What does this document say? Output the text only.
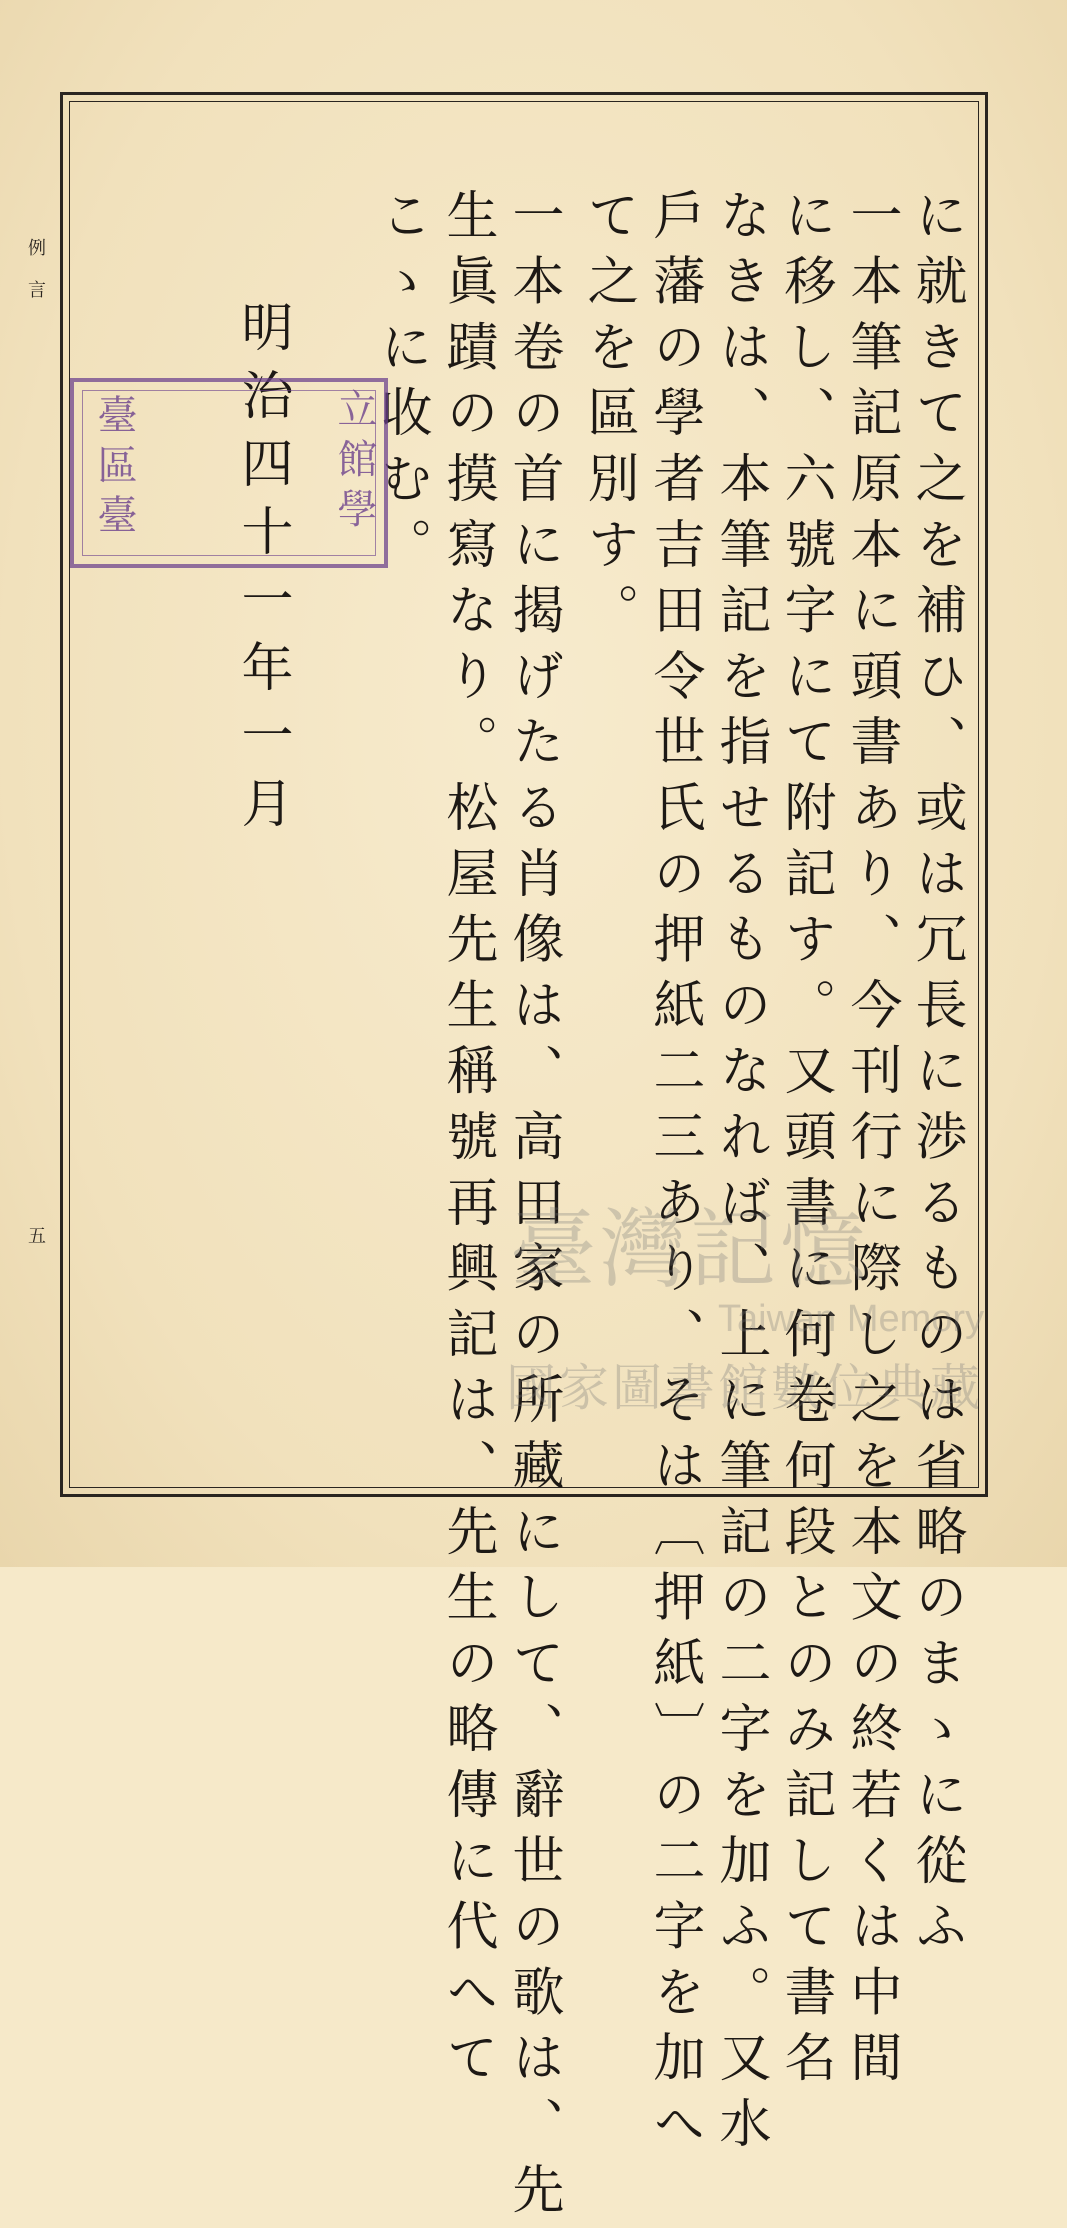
例言
五	に就きて之を補ひ、或は冗長に渉るものは省略のまゝに從ふ
一本筆記原本に頭書あり、今刊行に際し之を本文の終若くは中間
に移し、六號字にて附記す。又頭書に何卷何段とのみ記して書名
なきは、本筆記を指せるものなれば、上に筆記の二字を加ふ。又水
戶藩の學者吉田令世氏の押紙二三あり、そは〔押紙〕の二字を加へ
て之を區別す。
一本卷の首に揭げたる肖像は、高田家の所藏にして、辭世の歌は、先
生眞蹟の摸寫なり。松屋先生稱號再興記は、先生の略傳に代へて
こゝに收む。
明治四十一年一月 立
館學
臺區臺
臺灣記憶
Taiwan Memory
國家圖書館數位典藏
